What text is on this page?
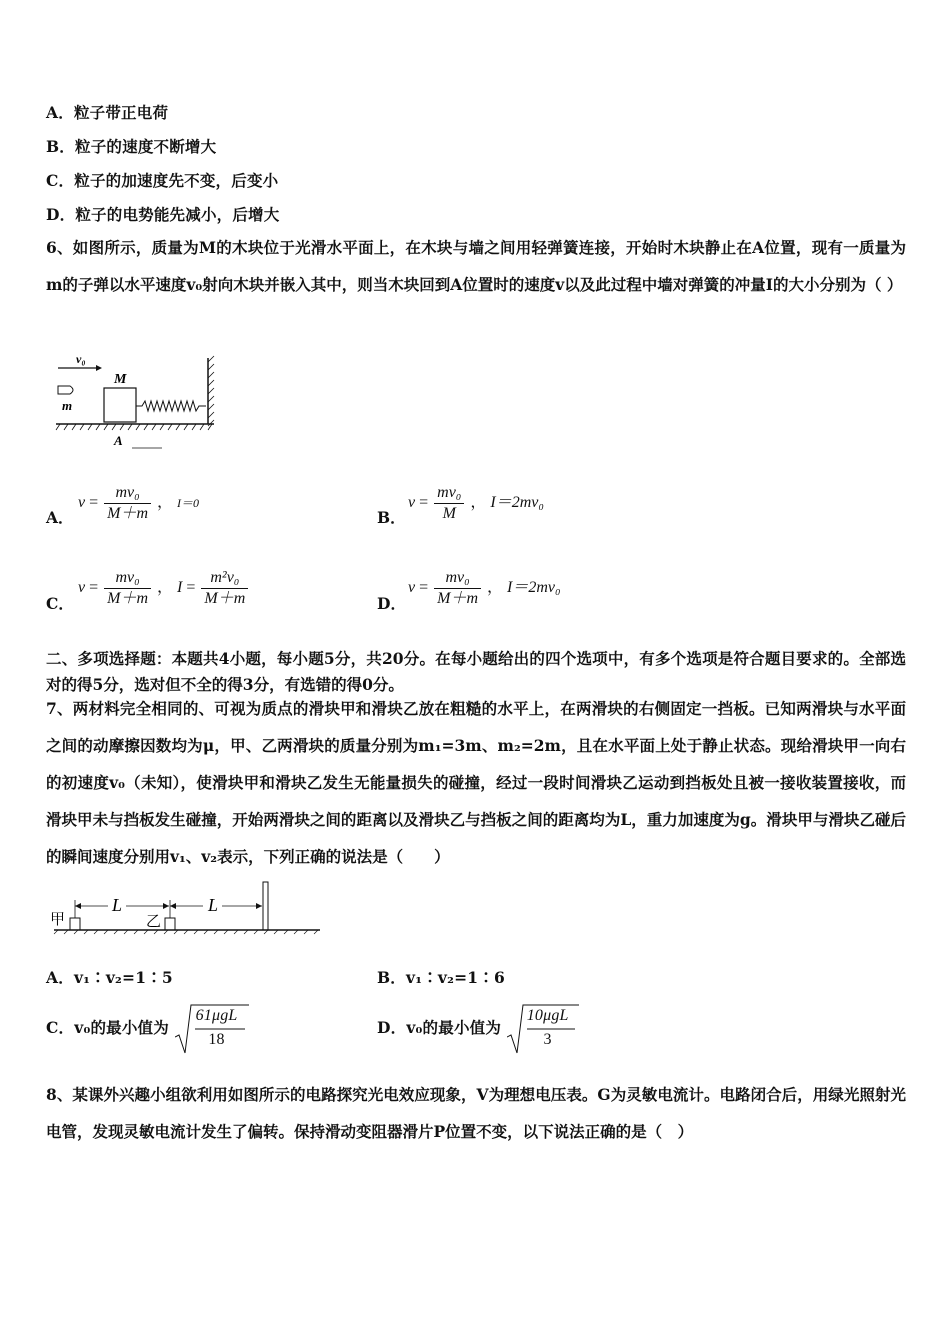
A．粒子带正电荷
B．粒子的速度不断增大
C．粒子的加速度先不变，后变小
D．粒子的电势能先减小，后增大
6、如图所示，质量为M的木块位于光滑水平面上，在木块与墙之间用轻弹簧连接，开始时木块静止在A位置，现有一质量为m的子弹以水平速度v₀射向木块并嵌入其中，则当木块回到A位置时的速度v以及此过程中墙对弹簧的冲量I的大小分别为（ ）
v₀
m
M
A
A．
$v = \frac{\text{mv₀}}{M+m}$ ， I＝0
B．
$v = \frac{\text{mv₀}}{M}$ ， I＝2mv₀
C．
$v = \frac{\text{mv₀}}{M+m}$ ， $I = \frac{\text{m²v₀}}{M+m}$	D．
$v = \frac{\text{mv₀}}{M+m}$ ， I＝2mv₀
二、多项选择题：本题共4小题，每小题5分，共20分。在每小题给出的四个选项中，有多个选项是符合题目要求的。全部选对的得5分，选对但不全的得3分，有选错的得0分。
7、两材料完全相同的、可视为质点的滑块甲和滑块乙放在粗糙的水平上，在两滑块的右侧固定一挡板。已知两滑块与水平面之间的动摩擦因数均为μ，甲、乙两滑块的质量分别为m₁=3m、m₂=2m，且在水平面上处于静止状态。现给滑块甲一向右的初速度v₀（未知），使滑块甲和滑块乙发生无能量损失的碰撞，经过一段时间滑块乙运动到挡板处且被一接收装置接收，而滑块甲未与挡板发生碰撞，开始两滑块之间的距离以及滑块乙与挡板之间的距离均为L，重力加速度为g。滑块甲与滑块乙碰后的瞬间速度分别用v₁、v₂表示，下列正确的说法是（　　）
甲
L
乙
L
A．v₁∶v₂=1∶5	B．v₁∶v₂=1∶6
C．v₀的最小值为
61μgL
18
D．v₀的最小值为
10μgL
3
8、某课外兴趣小组欲利用如图所示的电路探究光电效应现象，V为理想电压表。G为灵敏电流计。电路闭合后，用绿光照射光电管，发现灵敏电流计发生了偏转。保持滑动变阻器滑片P位置不变，以下说法正确的是（　）
